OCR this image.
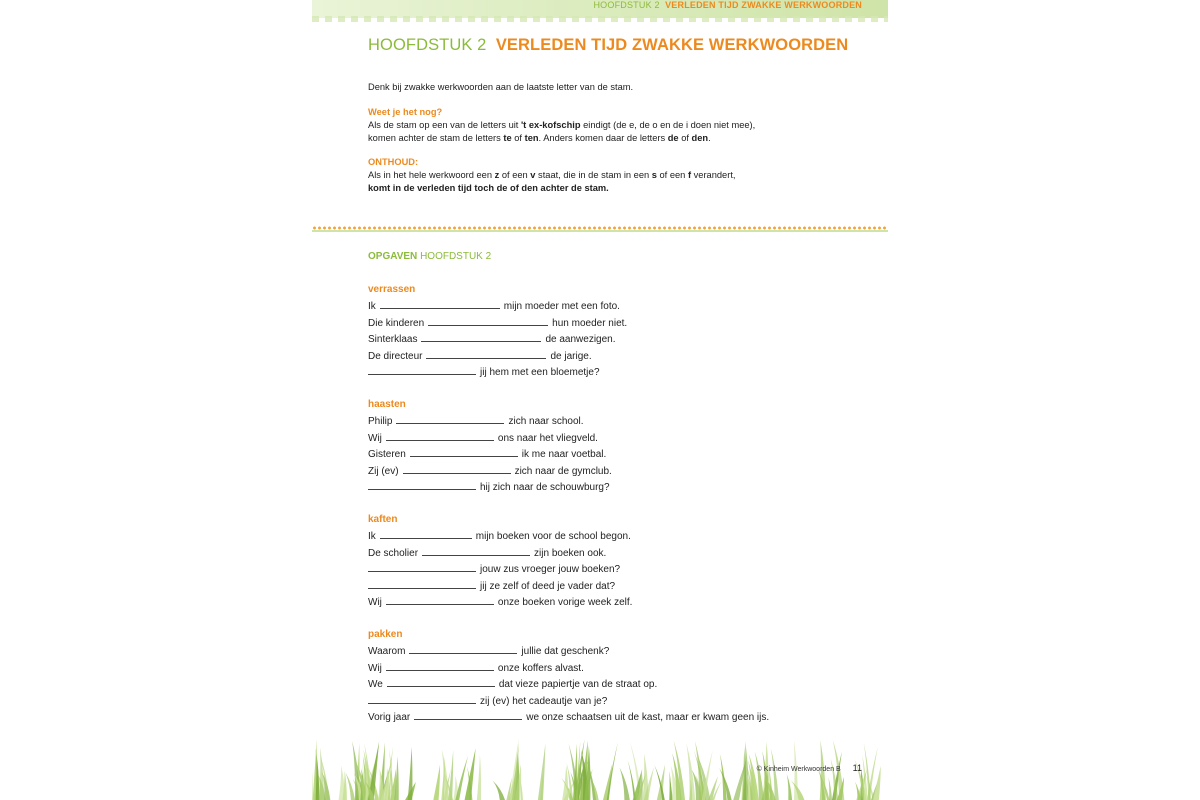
HOOFDSTUK 2 VERLEDEN TIJD ZWAKKE WERKWOORDEN
HOOFDSTUK 2 VERLEDEN TIJD ZWAKKE WERKWOORDEN
Denk bij zwakke werkwoorden aan de laatste letter van de stam.
Weet je het nog?
Als de stam op een van de letters uit 't ex-kofschip eindigt (de e, de o en de i doen niet mee),
komen achter de stam de letters te of ten. Anders komen daar de letters de of den.
ONTHOUD:
Als in het hele werkwoord een z of een v staat, die in de stam in een s of een f verandert,
komt in de verleden tijd toch de of den achter de stam.
OPGAVEN HOOFDSTUK 2
verrassen
Ik	mijn moeder met een foto.
Die kinderen	hun moeder niet.
Sinterklaas	de aanwezigen.
De directeur	de jarige.
jij hem met een bloemetje?
haasten
Philip	zich naar school.
Wij	ons naar het vliegveld.
Gisteren	ik me naar voetbal.
Zij (ev)	zich naar de gymclub.
hij zich naar de schouwburg?
kaften
Ik	mijn boeken voor de school begon.
De scholier	zijn boeken ook.
jouw zus vroeger jouw boeken?
jij ze zelf of deed je vader dat?
Wij	onze boeken vorige week zelf.
pakken
Waarom	jullie dat geschenk?
Wij	onze koffers alvast.
We	dat vieze papiertje van de straat op.
zij (ev) het cadeautje van je?
Vorig jaar	we onze schaatsen uit de kast, maar er kwam geen ijs.
© Kinheim Werkwoorden B 11
